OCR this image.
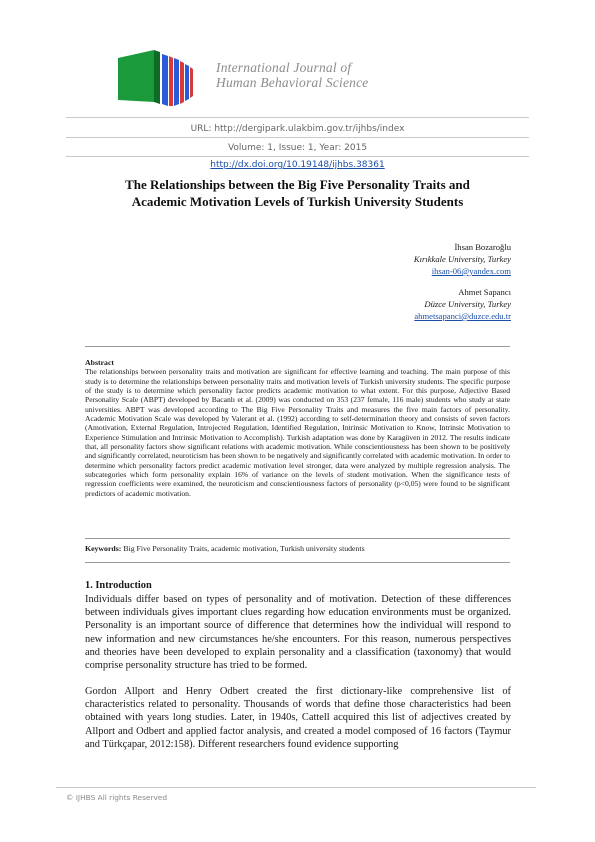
International Journal of
Human Behavioral Science
URL: http://dergipark.ulakbim.gov.tr/ijhbs/index
Volume: 1, Issue: 1, Year: 2015
http://dx.doi.org/10.19148/ijhbs.38361
The Relationships between the Big Five Personality Traits and
Academic Motivation Levels of Turkish University Students
İhsan Bozaroğlu
Kırıkkale University, Turkey
ihsan-06@yandex.com
Ahmet Sapancı
Düzce University, Turkey
ahmetsapanci@duzce.edu.tr
Abstract

The relationships between personality traits and motivation are significant for effective learning and teaching. The main purpose of this study is to determine the relationships between personality traits and motivation levels of Turkish university students. The specific purpose of the study is to determine which personality factor predicts academic motivation to what extent. For this purpose, Adjective Based Personality Scale (ABPT) developed by Bacanlı et al. (2009) was conducted on 353 (237 female, 116 male) students who study at state universities. ABPT was developed according to The Big Five Personality Traits and measures the five main factors of personality. Academic Motivation Scale was developed by Valerant et al. (1992) according to self-determination theory and consists of seven factors (Amotivation, External Regulation, Introjected Regulation, Identified Regulation, Intrinsic Motivation to Know, Intrinsic Motivation to Experience Stimulation and Intrinsic Motivation to Accomplish). Turkish adaptation was done by Karagüven in 2012. The results indicate that, all personality factors show significant relations with academic motivation. While conscientiousness has been shown to be positively and significantly correlated, neuroticism has been shown to be negatively and significantly correlated with academic motivation. In order to determine which personality factors predict academic motivation level stronger, data were analyzed by multiple regression analysis. The subcategories which form personality explain 16% of variance on the levels of student motivation. When the significance tests of regression coefficients were examined, the neuroticism and conscientiousness factors of personality (p<0,05) were found to be significant predictors of academic motivation.

Keywords: Big Five Personality Traits, academic motivation, Turkish university students
1. Introduction

Individuals differ based on types of personality and of motivation. Detection of these differences between individuals gives important clues regarding how education environments must be organized. Personality is an important source of difference that determines how the individual will respond to new information and new circumstances he/she encounters. For this reason, numerous perspectives and theories have been developed to explain personality and a classification (taxonomy) that would comprise personality structure has tried to be formed.

Gordon Allport and Henry Odbert created the first dictionary-like comprehensive list of characteristics related to personality. Thousands of words that define those characteristics had been obtained with years long studies. Later, in 1940s, Cattell acquired this list of adjectives created by Allport and Odbert and applied factor analysis, and created a model composed of 16 factors (Taymur and Türkçapar, 2012:158). Different researchers found evidence supporting

© IJHBS All rights Reserved
